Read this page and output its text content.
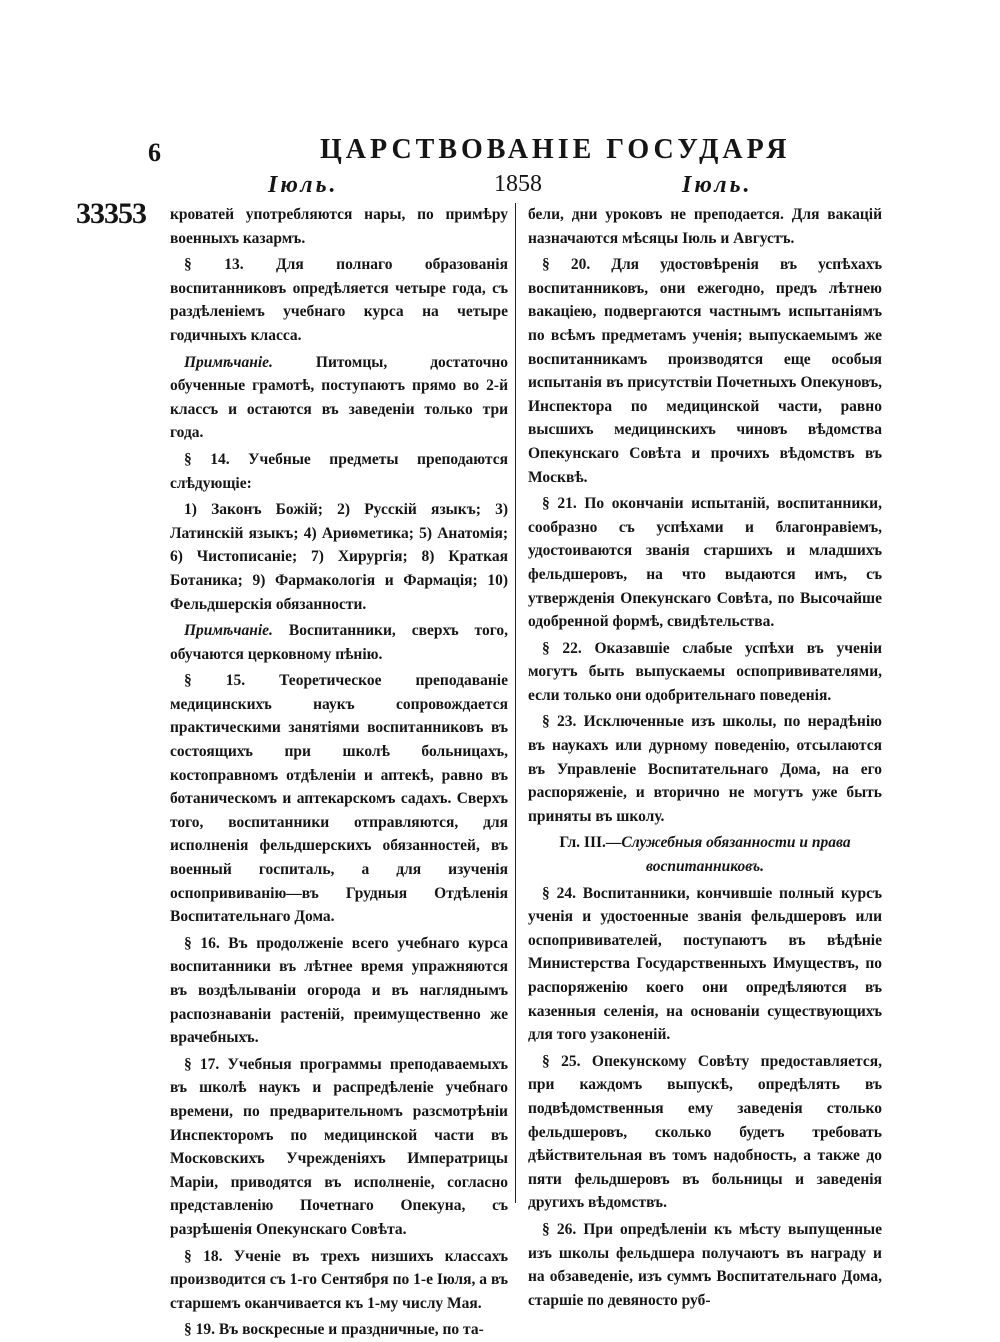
6	ЦАРСТВОВАНІЕ ГОСУДАРЯ
Іюль.	1858	Іюль.
33353 кроватей употребляются нары, по примѣру военныхъ казармъ.

§ 13. Для полнаго образованія воспитанниковъ опредѣляется четыре года, съ раздѣленіемъ учебнаго курса на четыре годичныхъ класса.

Примѣчаніе.	Питомцы, достаточно обученные грамотѣ, поступаютъ прямо во 2-й классъ и остаются въ заведеніи только три года.

§ 14. Учебные предметы преподаются слѣдующіе:

1) Законъ Божій; 2) Русскій языкъ; 3) Латинскій языкъ; 4) Ариѳметика; 5) Анатомія; 6) Чистописаніе; 7) Хирургія; 8) Краткая Ботаника; 9) Фармакологія и Фармація; 10) Фельдшерскія обязанности.

Примѣчаніе. Воспитанники, сверхъ того, обучаются церковному пѣнію.

§ 15. Теоретическое преподаваніе медицинскихъ наукъ сопровождается практическими занятіями воспитанниковъ въ состоящихъ при школѣ больницахъ, костоправномъ отдѣленіи и аптекѣ, равно въ ботаническомъ и аптекарскомъ садахъ. Сверхъ того, воспитанники отправляются, для исполненія фельдшерскихъ обязанностей, въ военный госпиталь, а для изученія оспопрививанію—въ Грудныя Отдѣленія Воспитательнаго Дома.

§ 16. Въ продолженіе всего учебнаго курса воспитанники въ лѣтнее время упражняются въ воздѣлываніи огорода и въ нагляднымъ распознаваніи растеній, преимущественно же врачебныхъ.

§ 17. Учебныя программы преподаваемыхъ въ школѣ наукъ и распредѣленіе учебнаго времени, по предварительномъ разсмотрѣніи Инспекторомъ по медицинской части въ Московскихъ Учрежденіяхъ Императрицы Маріи, приводятся въ исполненіе, согласно представленію Почетнаго Опекуна, съ разрѣшенія Опекунскаго Совѣта.

§ 18. Ученіе въ трехъ низшихъ классахъ производится съ 1-го Сентября по 1-е Іюля, а въ старшемъ оканчивается къ 1-му числу Мая.

§ 19. Въ воскресные и праздничные, по та-

бели, дни уроковъ не преподается. Для вакацій назначаются мѣсяцы Іюль и Августъ.

§ 20. Для удостовѣренія въ успѣхахъ воспитанниковъ, они ежегодно, предъ лѣтнею вакаціею, подвергаются частнымъ испытаніямъ по всѣмъ предметамъ ученія; выпускаемымъ же воспитанникамъ производятся еще особыя испытанія въ присутствіи Почетныхъ Опекуновъ, Инспектора по медицинской части, равно высшихъ медицинскихъ чиновъ вѣдомства Опекунскаго Совѣта и прочихъ вѣдомствъ въ Москвѣ.

§ 21. По окончаніи испытаній, воспитанники, сообразно съ успѣхами и благонравіемъ, удостоиваются званія старшихъ и младшихъ фельдшеровъ, на что выдаются имъ, съ утвержденія Опекунскаго Совѣта, по Высочайше одобренной формѣ, свидѣтельства.

§ 22. Оказавшіе слабые успѣхи въ ученіи могутъ быть выпускаемы оспопрививателями, если только они одобрительнаго поведенія.

§ 23. Исключенные изъ школы, по нерадѣнію въ наукахъ или дурному поведенію, отсылаются въ Управленіе Воспитательнаго Дома, на его распоряженіе, и вторично не могутъ уже быть приняты въ школу.

Гл. III.—Служебныя обязанности и права воспитанниковъ.

§ 24. Воспитанники, кончившіе полный курсъ ученія и удостоенные званія фельдшеровъ или оспопрививателей, поступаютъ въ вѣдѣніе Министерства Государственныхъ Имуществъ, по распоряженію коего они опредѣляются въ казенныя селенія, на основаніи существующихъ для того узаконеній.

§ 25. Опекунскому Совѣту предоставляется, при каждомъ выпускѣ, опредѣлять въ подвѣдомственныя ему заведенія столько фельдшеровъ, сколько будетъ требовать дѣйствительная въ томъ надобность, а также до пяти фельдшеровъ въ больницы и заведенія другихъ вѣдомствъ.

§ 26. При опредѣленіи къ мѣсту выпущенные изъ школы фельдшера получаютъ въ награду и на обзаведеніе, изъ суммъ Воспитательнаго Дома, старшіе по девяносто руб-
